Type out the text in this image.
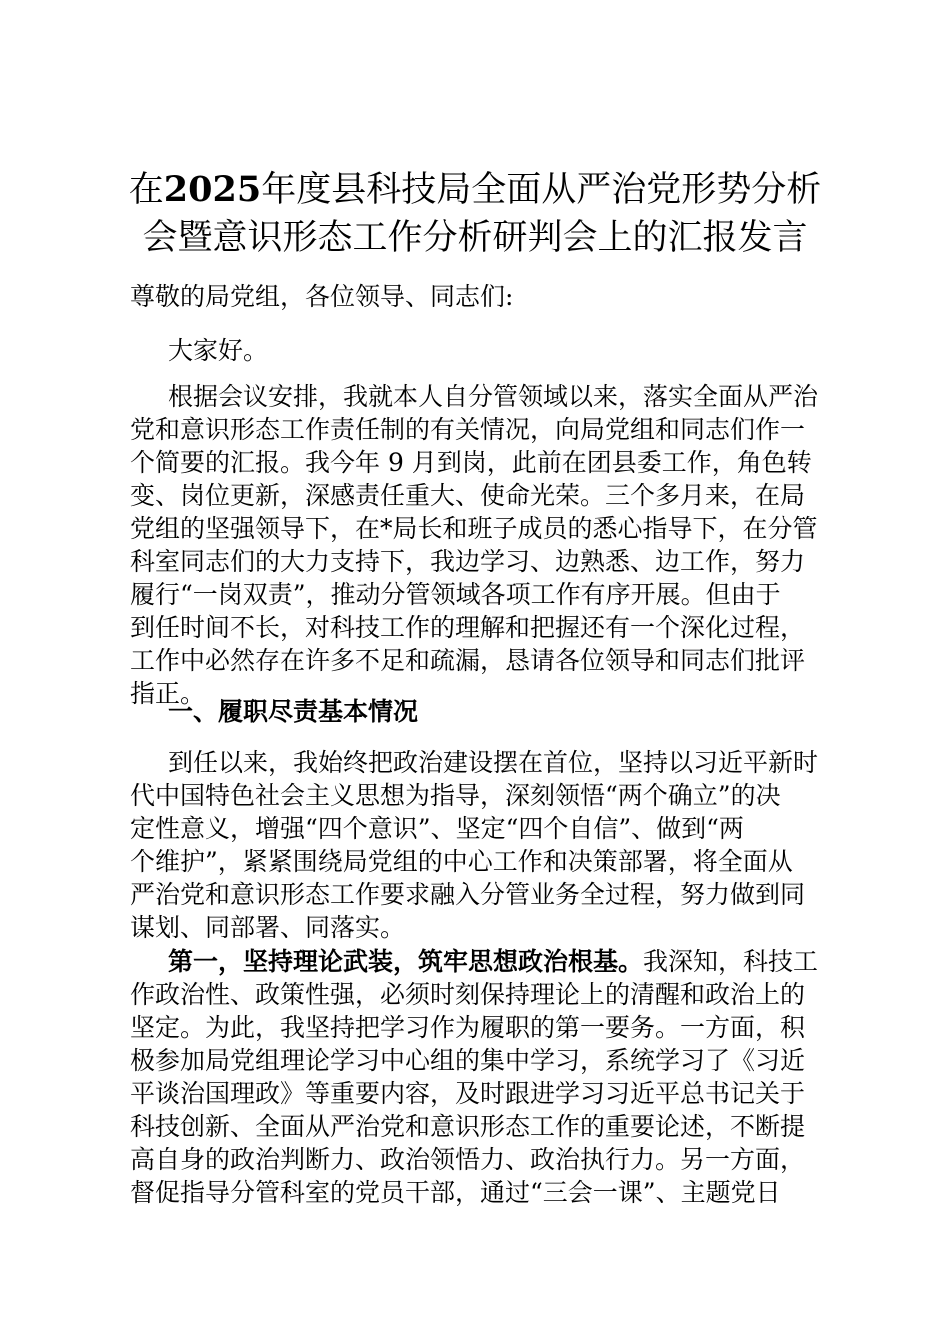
在2025年度县科技局全面从严治党形势分析
会暨意识形态工作分析研判会上的汇报发言

尊敬的局党组，各位领导、同志们:

大家好。

根据会议安排，我就本人自分管领域以来，落实全面从严治
党和意识形态工作责任制的有关情况，向局党组和同志们作一
个简要的汇报。我今年 9 月到岗，此前在团县委工作，角色转
变、岗位更新，深感责任重大、使命光荣。三个多月来，在局
党组的坚强领导下，在*局长和班子成员的悉心指导下，在分管
科室同志们的大力支持下，我边学习、边熟悉、边工作，努力
履行“一岗双责”，推动分管领域各项工作有序开展。但由于
到任时间不长，对科技工作的理解和把握还有一个深化过程，
工作中必然存在许多不足和疏漏，恳请各位领导和同志们批评
指正。
一、履职尽责基本情况
到任以来，我始终把政治建设摆在首位，坚持以习近平新时
代中国特色社会主义思想为指导，深刻领悟“两个确立”的决
定性意义，增强“四个意识”、坚定“四个自信”、做到“两
个维护”，紧紧围绕局党组的中心工作和决策部署，将全面从
严治党和意识形态工作要求融入分管业务全过程，努力做到同
谋划、同部署、同落实。
第一，坚持理论武装，筑牢思想政治根基。我深知，科技工
作政治性、政策性强，必须时刻保持理论上的清醒和政治上的
坚定。为此，我坚持把学习作为履职的第一要务。一方面，积
极参加局党组理论学习中心组的集中学习，系统学习了《习近
平谈治国理政》等重要内容，及时跟进学习习近平总书记关于
科技创新、全面从严治党和意识形态工作的重要论述，不断提
高自身的政治判断力、政治领悟力、政治执行力。另一方面，
督促指导分管科室的党员干部，通过“三会一课”、主题党日
